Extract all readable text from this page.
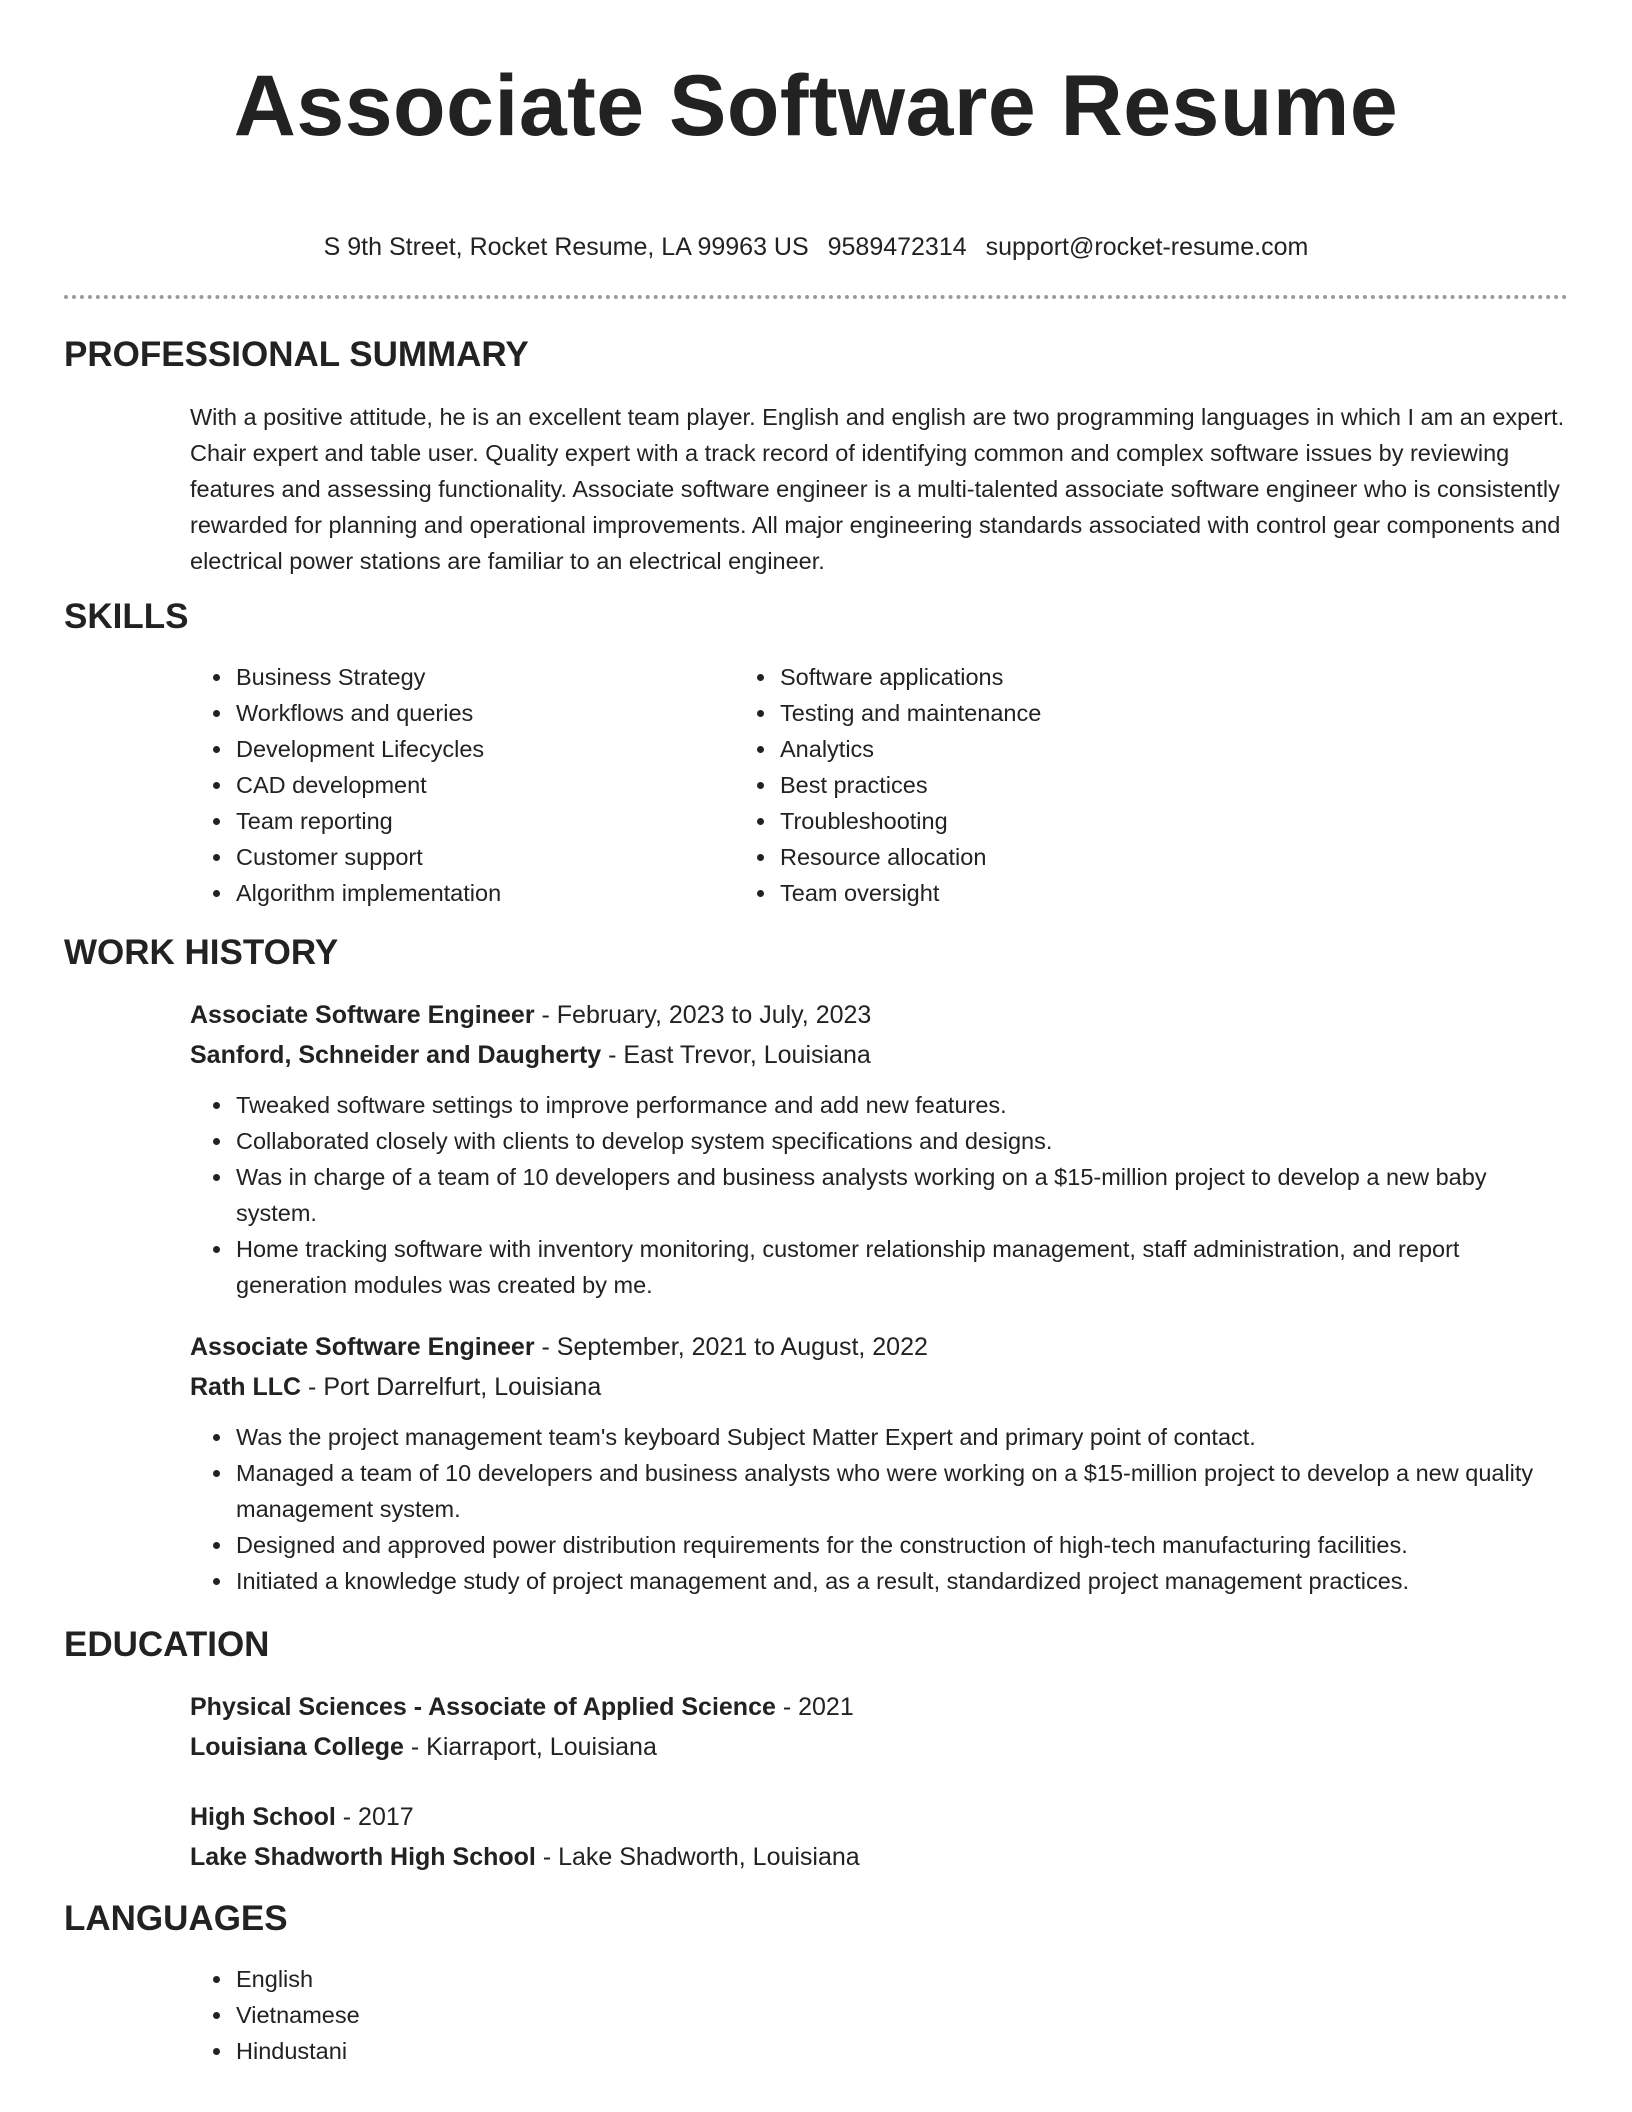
Associate Software Resume
S 9th Street, Rocket Resume, LA 99963 US 9589472314 support@rocket-resume.com
PROFESSIONAL SUMMARY

With a positive attitude, he is an excellent team player. English and english are two programming languages in which I am an expert. Chair expert and table user. Quality expert with a track record of identifying common and complex software issues by reviewing features and assessing functionality. Associate software engineer is a multi-talented associate software engineer who is consistently rewarded for planning and operational improvements. All major engineering standards associated with control gear components and electrical power stations are familiar to an electrical engineer.

SKILLS
• Business Strategy
• Workflows and queries
• Development Lifecycles
• CAD development
• Team reporting
• Customer support
• Algorithm implementation
• Software applications
• Testing and maintenance
• Analytics
• Best practices
• Troubleshooting
• Resource allocation
• Team oversight
WORK HISTORY
Associate Software Engineer - February, 2023 to July, 2023
Sanford, Schneider and Daugherty - East Trevor, Louisiana
• Tweaked software settings to improve performance and add new features.
• Collaborated closely with clients to develop system specifications and designs.
• Was in charge of a team of 10 developers and business analysts working on a $15-million project to develop a new baby system.
• Home tracking software with inventory monitoring, customer relationship management, staff administration, and report generation modules was created by me.
Associate Software Engineer - September, 2021 to August, 2022
Rath LLC - Port Darrelfurt, Louisiana
• Was the project management team's keyboard Subject Matter Expert and primary point of contact.
• Managed a team of 10 developers and business analysts who were working on a $15-million project to develop a new quality management system.
• Designed and approved power distribution requirements for the construction of high-tech manufacturing facilities.
• Initiated a knowledge study of project management and, as a result, standardized project management practices.
EDUCATION
Physical Sciences - Associate of Applied Science - 2021
Louisiana College - Kiarraport, Louisiana
High School - 2017
Lake Shadworth High School - Lake Shadworth, Louisiana
LANGUAGES
• English
• Vietnamese
• Hindustani
